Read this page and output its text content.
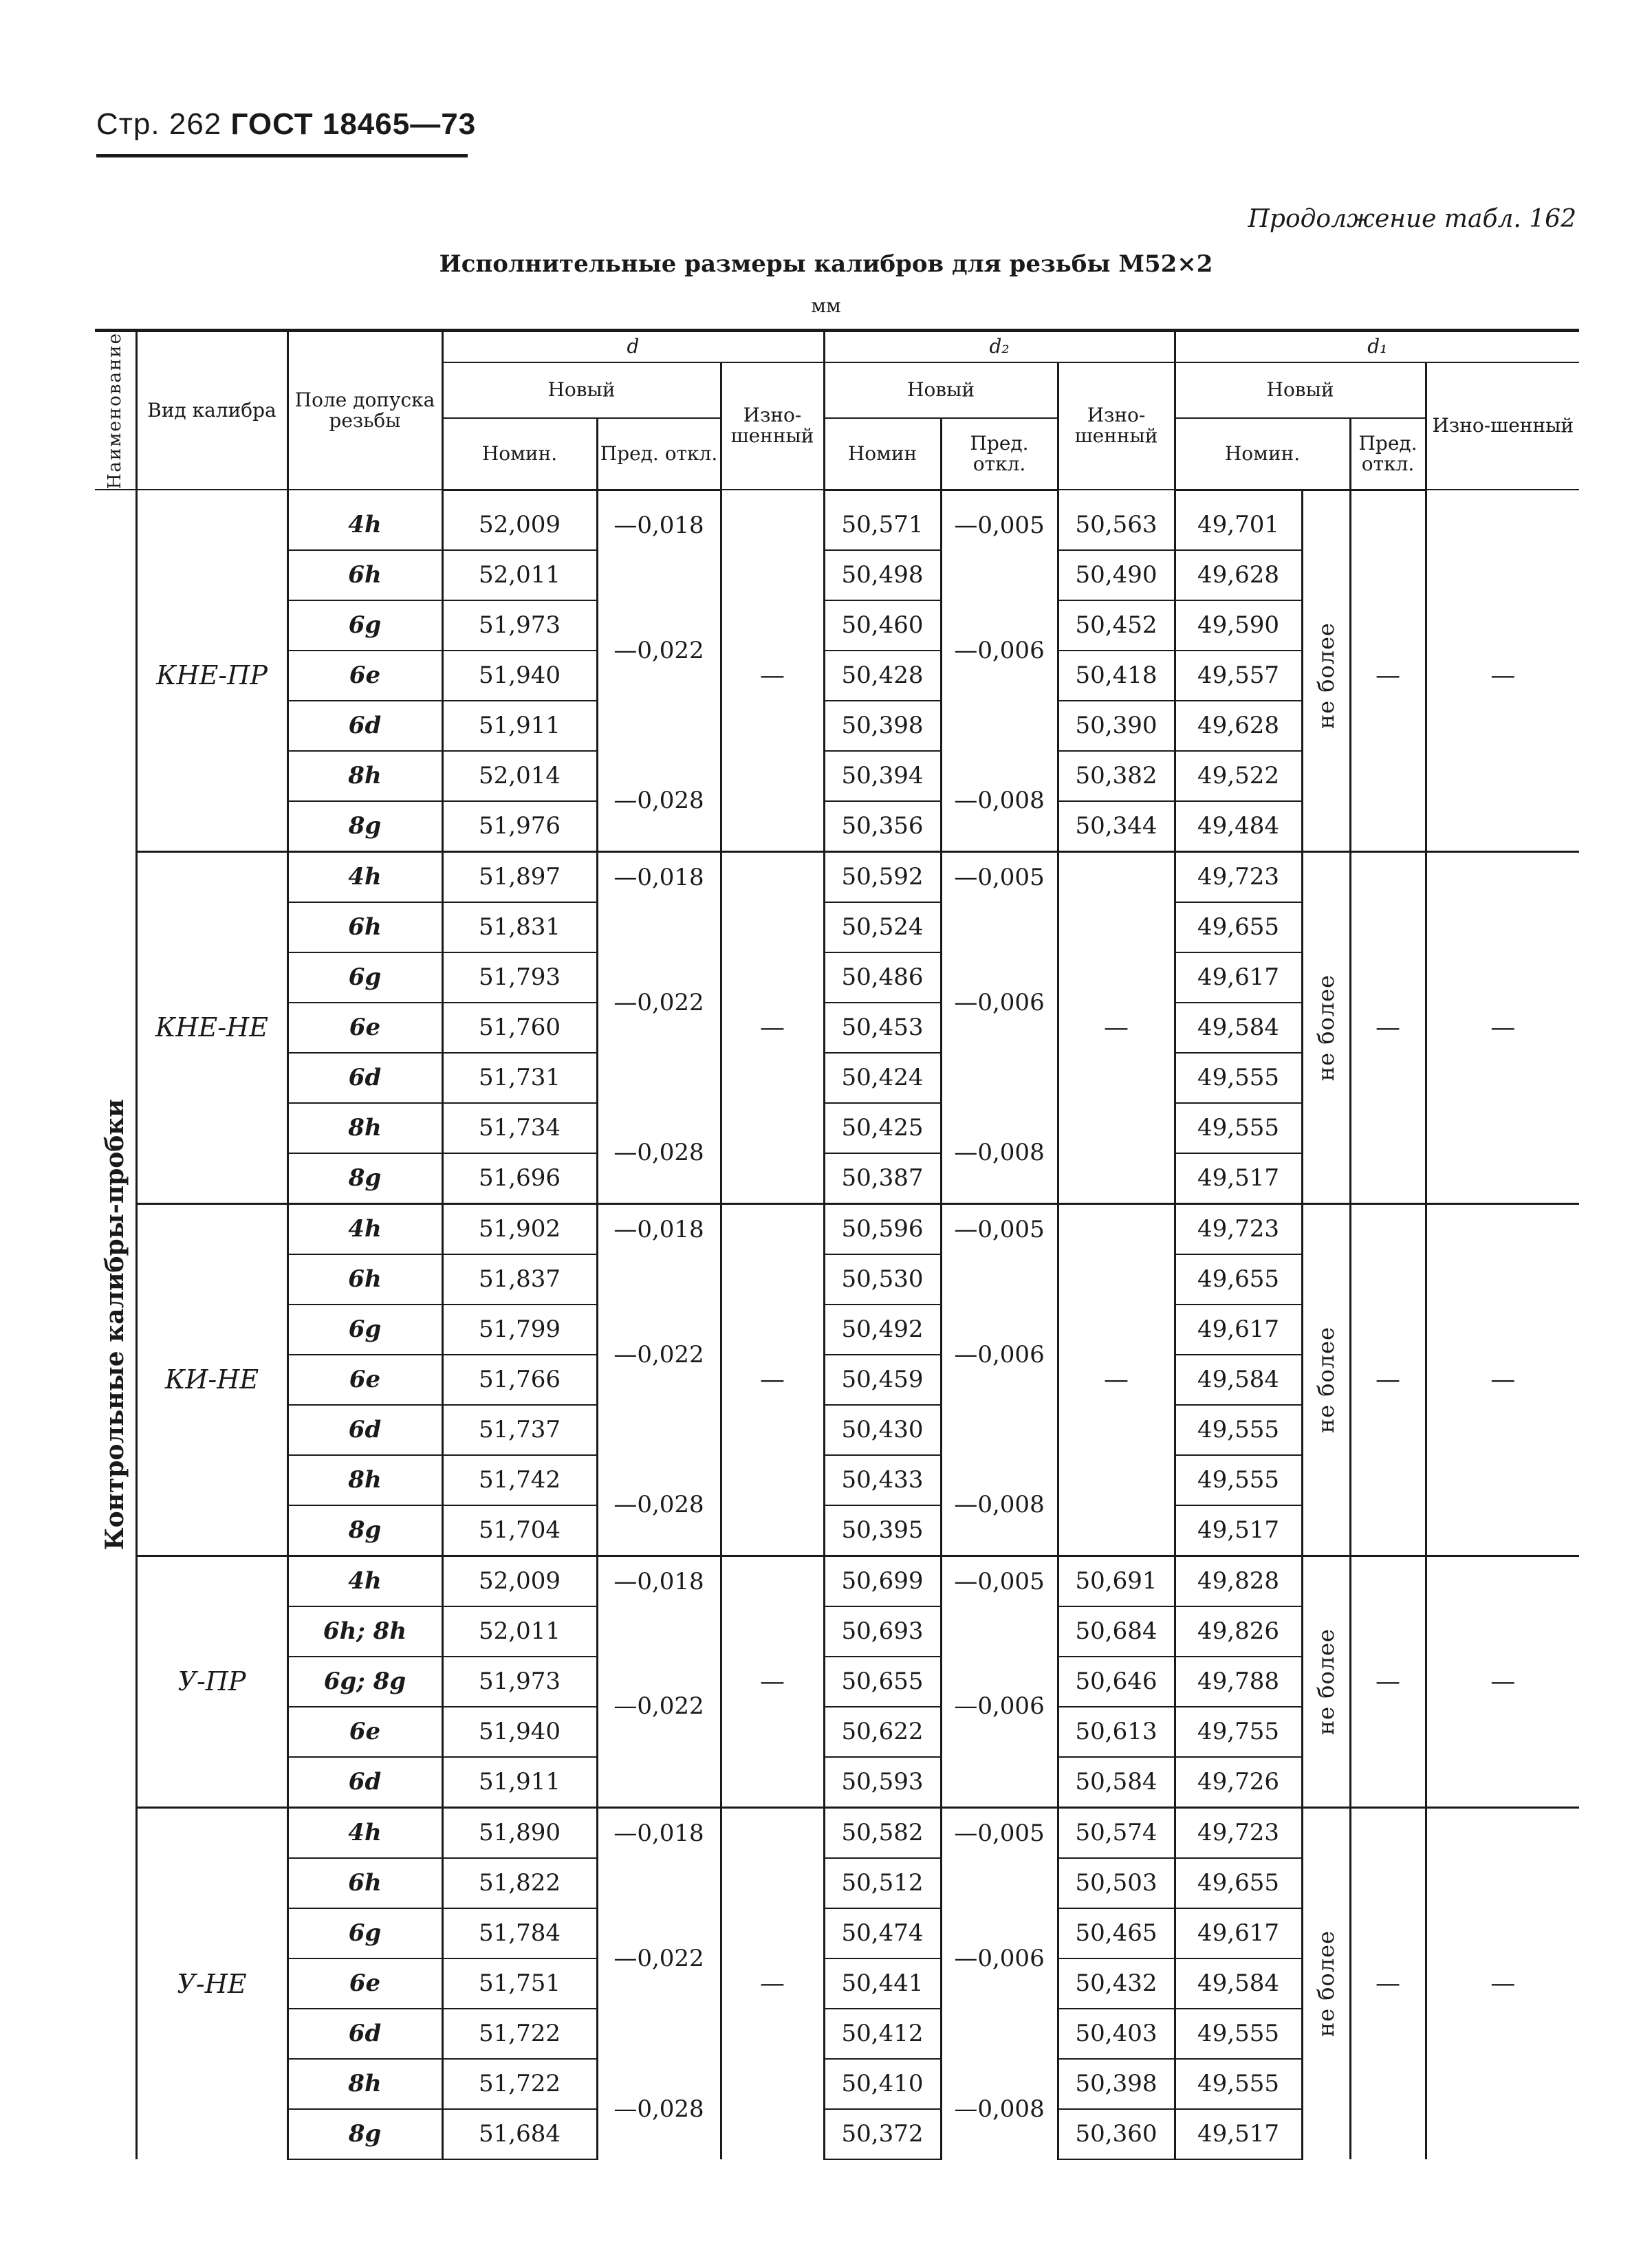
Стр. 262 ГОСТ 18465—73
Продолжение табл. 162
Исполнительные размеры калибров для резьбы М52×2
мм
Наименование	Вид калибра	Поле допуска резьбы	d			d₂			d₁			
			Новый		Изно-шенный	Новый		Изно-шенный	Новый			Изно-шенный
			Номин.	Пред. откл.		Номин	Пред. откл.		Номин.		Пред. откл.	

Контрольные калибры-пробки												

	КНЕ-ПР	4h	52,009	—0,018	—	50,571	—0,005	50,563	49,701	не более	—	—
		6h	52,011	—0,022		50,498	—0,006	50,490	49,628			
		6g	51,973			50,460		50,452	49,590			
		6e	51,940			50,428		50,418	49,557			
		6d	51,911			50,398		50,390	49,628			
		8h	52,014	—0,028		50,394	—0,008	50,382	49,522			
		8g	51,976			50,356		50,344	49,484			
	КНЕ-НЕ	4h	51,897	—0,018	—	50,592	—0,005	—	49,723	не более	—	—
		6h	51,831	—0,022		50,524	—0,006		49,655			
		6g	51,793			50,486			49,617			
		6e	51,760			50,453			49,584			
		6d	51,731			50,424			49,555			
		8h	51,734	—0,028		50,425	—0,008		49,555			
		8g	51,696			50,387			49,517			
	КИ-НЕ	4h	51,902	—0,018	—	50,596	—0,005	—	49,723	не более	—	—
		6h	51,837	—0,022		50,530	—0,006		49,655			
		6g	51,799			50,492			49,617			
		6e	51,766			50,459			49,584			
		6d	51,737			50,430			49,555			
		8h	51,742	—0,028		50,433	—0,008		49,555			
		8g	51,704			50,395			49,517			
	У-ПР	4h	52,009	—0,018	—	50,699	—0,005	50,691	49,828	не более	—	—
		6h; 8h	52,011	—0,022		50,693	—0,006	50,684	49,826			
		6g; 8g	51,973			50,655		50,646	49,788			
		6e	51,940			50,622		50,613	49,755			
		6d	51,911			50,593		50,584	49,726			
	У-НЕ	4h	51,890	—0,018	—	50,582	—0,005	50,574	49,723	не более	—	—
		6h	51,822	—0,022		50,512	—0,006	50,503	49,655			
		6g	51,784			50,474		50,465	49,617			
		6e	51,751			50,441		50,432	49,584			
		6d	51,722			50,412		50,403	49,555			
		8h	51,722	—0,028		50,410	—0,008	50,398	49,555			
		8g	51,684			50,372		50,360	49,517			
